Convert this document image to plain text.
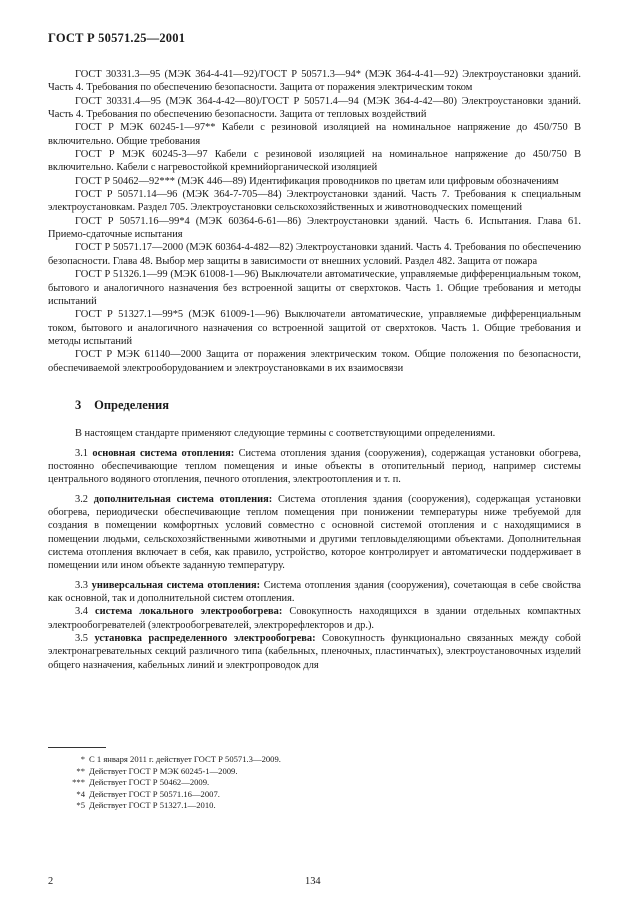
ГОСТ Р 50571.25—2001

ГОСТ 30331.3—95 (МЭК 364-4-41—92)/ГОСТ Р 50571.3—94* (МЭК 364-4-41—92) Электроустановки зданий. Часть 4. Требования по обеспечению безопасности. Защита от поражения электрическим током

ГОСТ 30331.4—95 (МЭК 364-4-42—80)/ГОСТ Р 50571.4—94 (МЭК 364-4-42—80) Электроустановки зданий. Часть 4. Требования по обеспечению безопасности. Защита от тепловых воздействий

ГОСТ Р МЭК 60245-1—97** Кабели с резиновой изоляцией на номинальное напряжение до 450/750 В включительно. Общие требования

ГОСТ Р МЭК 60245-3—97 Кабели с резиновой изоляцией на номинальное напряжение до 450/750 В включительно. Кабели с нагревостойкой кремнийорганической изоляцией

ГОСТ Р 50462—92*** (МЭК 446—89) Идентификация проводников по цветам или цифровым обозначениям

ГОСТ Р 50571.14—96 (МЭК 364-7-705—84) Электроустановки зданий. Часть 7. Требования к специальным электроустановкам. Раздел 705. Электроустановки сельскохозяйственных и животноводческих помещений

ГОСТ Р 50571.16—99*4 (МЭК 60364-6-61—86) Электроустановки зданий. Часть 6. Испытания. Глава 61. Приемо-сдаточные испытания

ГОСТ Р 50571.17—2000 (МЭК 60364-4-482—82) Электроустановки зданий. Часть 4. Требования по обеспечению безопасности. Глава 48. Выбор мер защиты в зависимости от внешних условий. Раздел 482. Защита от пожара

ГОСТ Р 51326.1—99 (МЭК 61008-1—96) Выключатели автоматические, управляемые дифференциальным током, бытового и аналогичного назначения без встроенной защиты от сверхтоков. Часть 1. Общие требования и методы испытаний

ГОСТ Р 51327.1—99*5 (МЭК 61009-1—96) Выключатели автоматические, управляемые дифференциальным током, бытового и аналогичного назначения со встроенной защитой от сверхтоков. Часть 1. Общие требования и методы испытаний

ГОСТ Р МЭК 61140—2000 Защита от поражения электрическим током. Общие положения по безопасности, обеспечиваемой электрооборудованием и электроустановками в их взаимосвязи

3 Определения

В настоящем стандарте применяют следующие термины с соответствующими определениями.

3.1 основная система отопления: Система отопления здания (сооружения), содержащая установки обогрева, постоянно обеспечивающие теплом помещения и иные объекты в отопительный период, например системы центрального водяного отопления, печного отопления, электроотопления и т. п.

3.2 дополнительная система отопления: Система отопления здания (сооружения), содержащая установки обогрева, периодически обеспечивающие теплом помещения при понижении температуры ниже требуемой для создания в помещении комфортных условий совместно с основной системой отопления и с находящимися в помещении людьми, сельскохозяйственными животными и другими тепловыделяющими объектами. Дополнительная система отопления включает в себя, как правило, устройство, которое контролирует и автоматически поддерживает в помещении или ином объекте заданную температуру.

3.3 универсальная система отопления: Система отопления здания (сооружения), сочетающая в себе свойства как основной, так и дополнительной систем отопления.

3.4 система локального электрообогрева: Совокупность находящихся в здании отдельных компактных электрообогревателей (электрообогревателей, электрорефлекторов и др.).

3.5 установка распределенного электрообогрева: Совокупность функционально связанных между собой электронагревательных секций различного типа (кабельных, пленочных, пластинчатых), электроустановочных изделий общего назначения, кабельных линий и электропроводок для

* С 1 января 2011 г. действует ГОСТ Р 50571.3—2009.
** Действует ГОСТ Р МЭК 60245-1—2009.
*** Действует ГОСТ Р 50462—2009.
*4 Действует ГОСТ Р 50571.16—2007.
*5 Действует ГОСТ Р 51327.1—2010.
2	134
